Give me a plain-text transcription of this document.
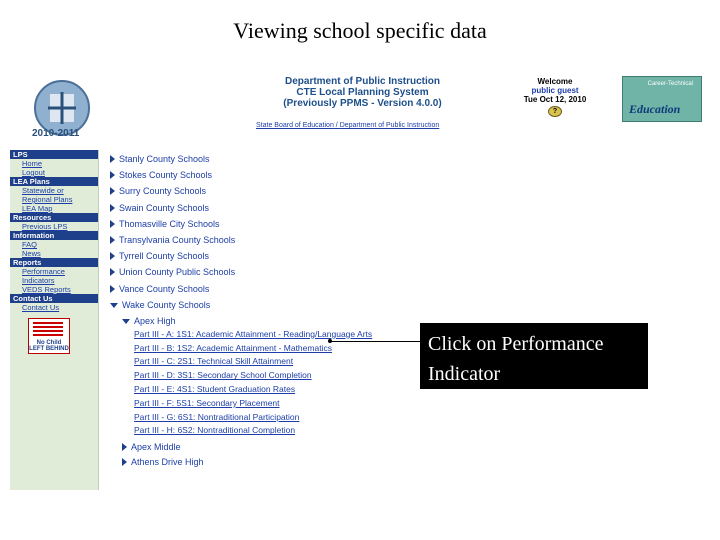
Viewing school specific data
2010-2011
Department of Public Instruction
CTE Local Planning System
(Previously PPMS - Version 4.0.0)
State Board of Education / Department of Public Instruction
Welcome
public guest
Tue Oct 12, 2010
?
Career-Technical
Education
LPS
Home
Logout
LEA Plans
Statewide or
Regional Plans
LEA Map
Resources
Previous LPS
Information
FAQ
News
Reports
Performance
Indicators
VEDS Reports
Contact Us
Contact Us
No Child LEFT BEHIND
Stanly County Schools
Stokes County Schools
Surry County Schools
Swain County Schools
Thomasville City Schools
Transylvania County Schools
Tyrrell County Schools
Union County Public Schools
Vance County Schools
Wake County Schools
Apex High
Part III - A: 1S1: Academic Attainment - Reading/Language Arts
Part III - B: 1S2: Academic Attainment - Mathematics
Part III - C: 2S1: Technical Skill Attainment
Part III - D: 3S1: Secondary School Completion
Part III - E: 4S1: Student Graduation Rates
Part III - F: 5S1: Secondary Placement
Part III - G: 6S1: Nontraditional Participation
Part III - H: 6S2: Nontraditional Completion
Apex Middle
Athens Drive High
Click on Performance
Indicator
